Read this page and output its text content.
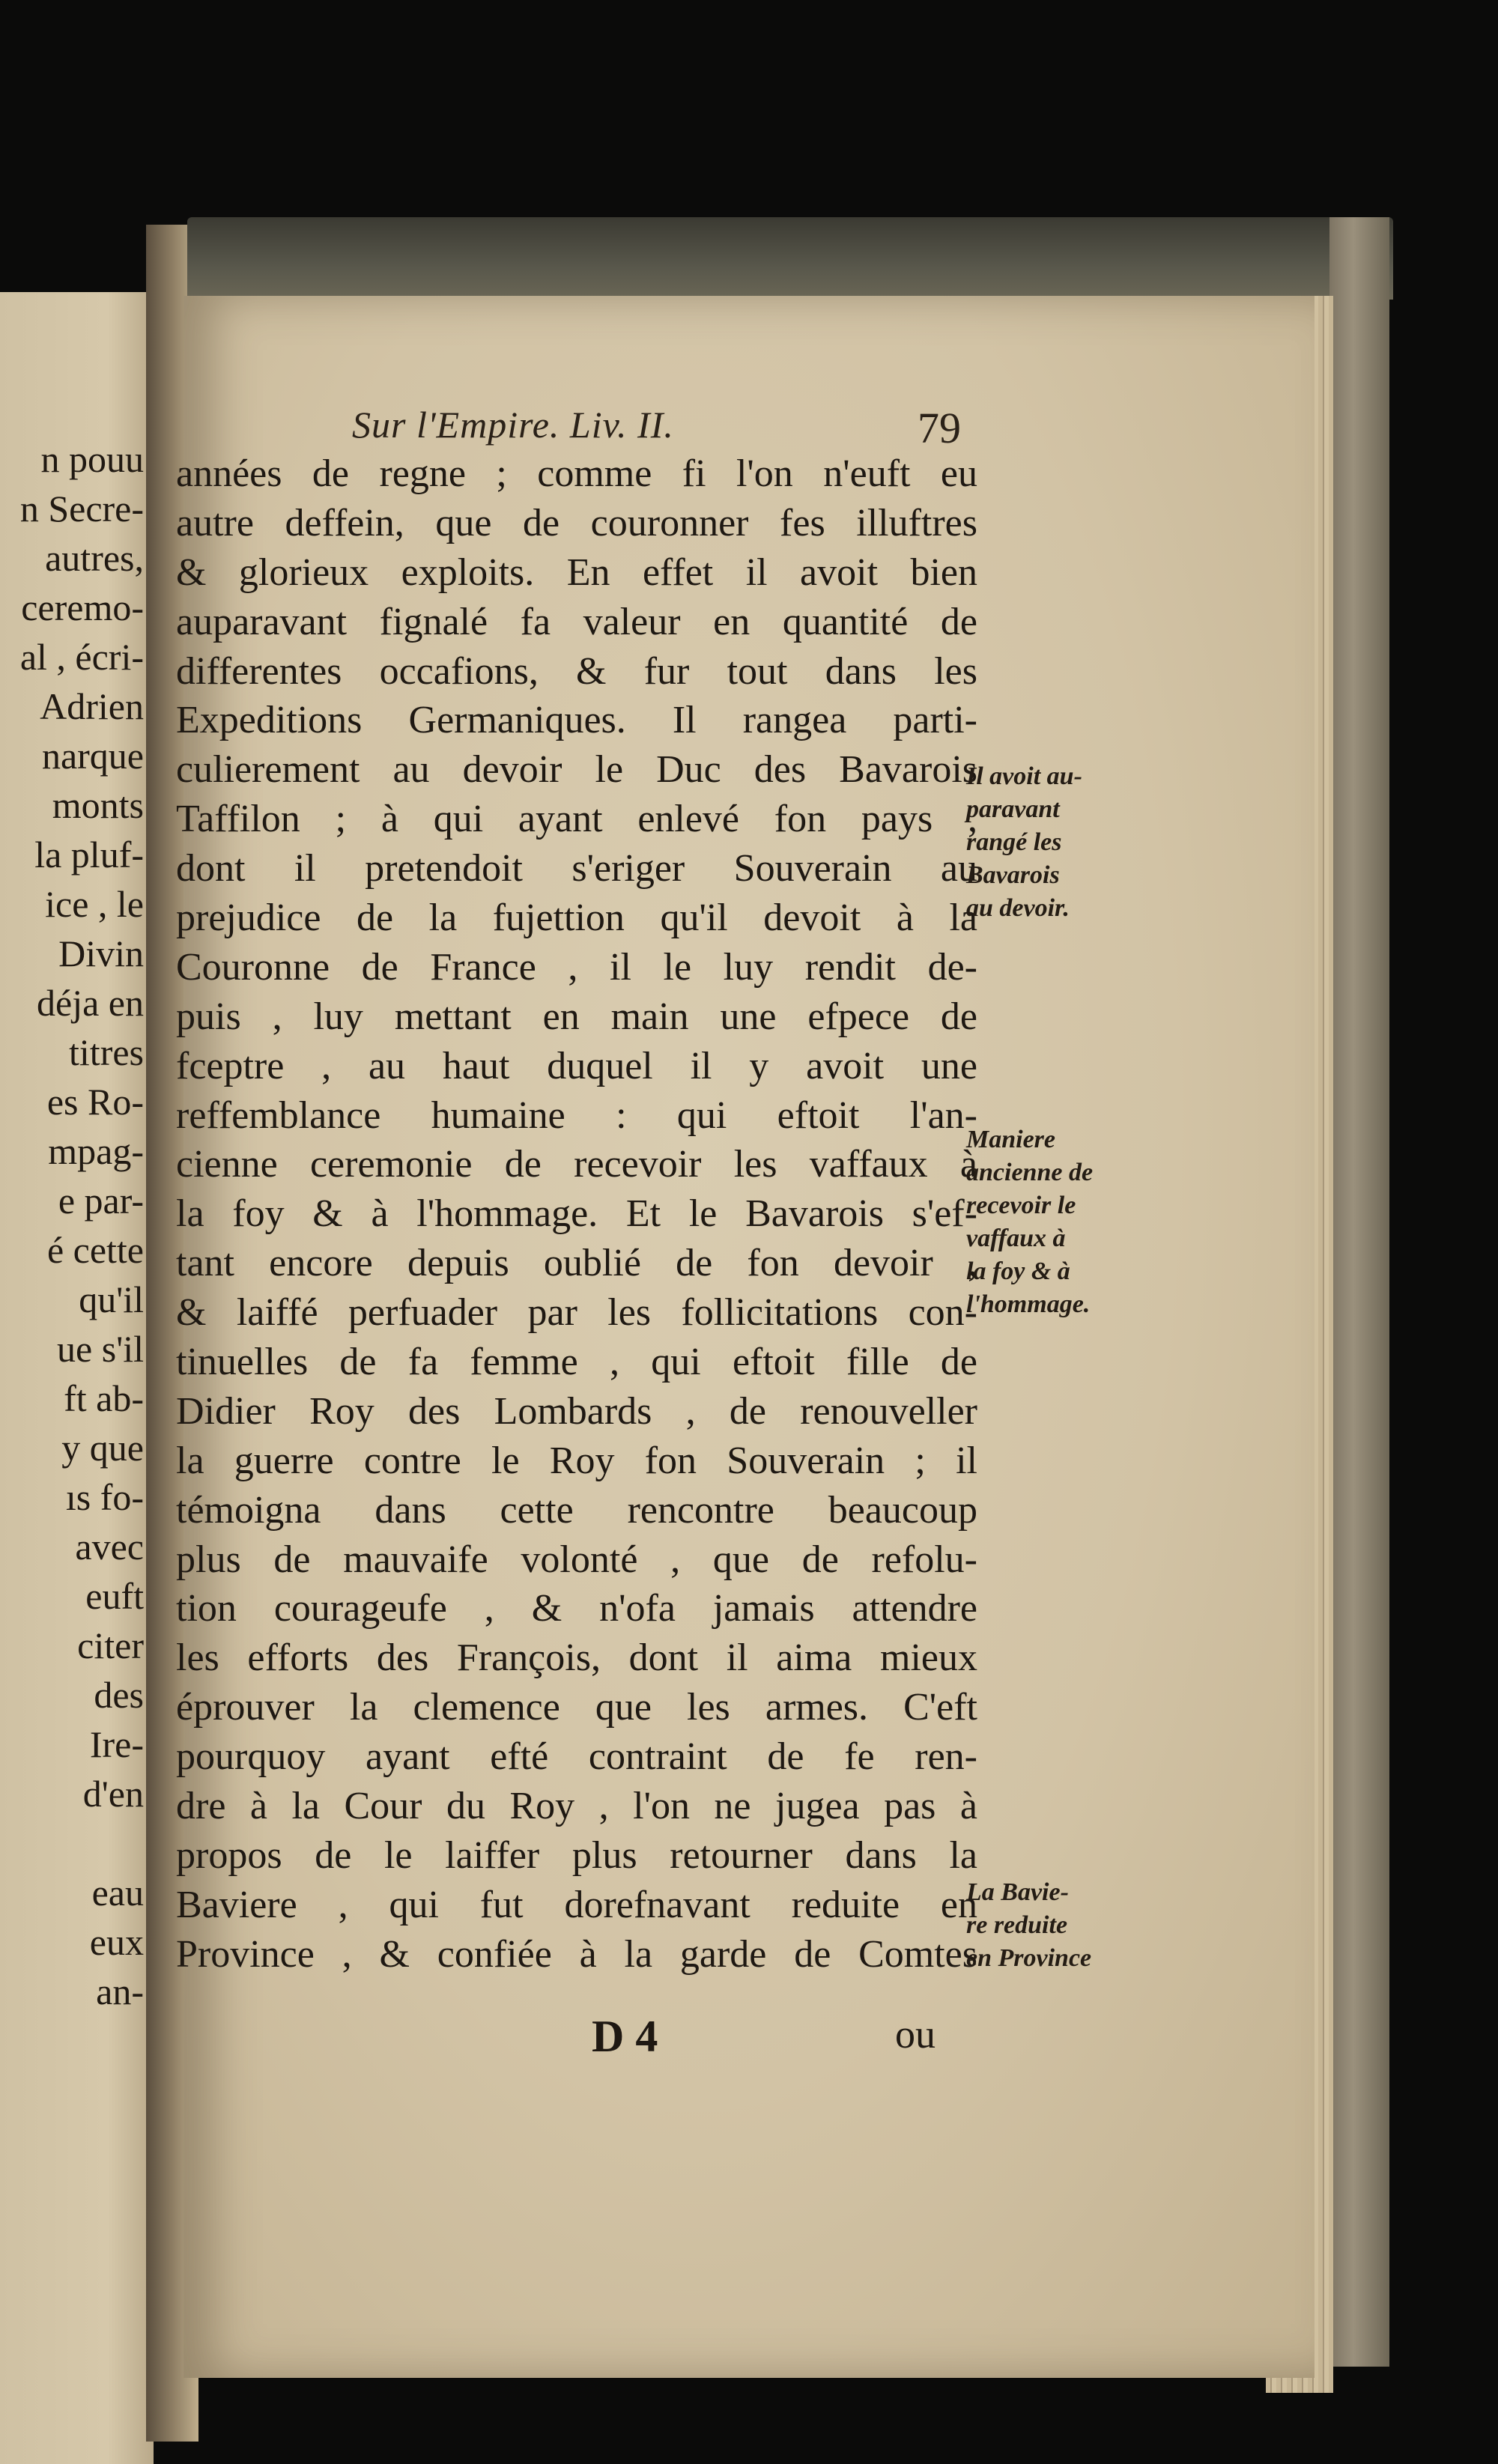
n pouu
n Secre-
autres,
ceremo-
al , écri-
Adrien
narque
monts
la pluf-
ice , le
Divin
déja en
titres
es Ro-
mpag-
e par-
é cette
qu'il
ue s'il
ft ab-
y que
ıs fo-
avec
euft
citer
des
Ire-
d'en
eau
eux
an-
Sur l'Empire. Liv. II.	79
années de regne ; comme fi l'on n'euft eu
autre deffein, que de couronner fes illuftres
& glorieux exploits. En effet il avoit bien
auparavant fignalé fa valeur en quantité de
differentes occafions, & fur tout dans les
Expeditions Germaniques. Il rangea parti-
culierement au devoir le Duc des Bavarois
Taffilon ; à qui ayant enlevé fon pays ,
dont il pretendoit s'eriger Souverain au
prejudice de la fujettion qu'il devoit à la
Couronne de France , il le luy rendit de-
puis , luy mettant en main une efpece de
fceptre , au haut duquel il y avoit une
reffemblance humaine : qui eftoit l'an-
cienne ceremonie de recevoir les vaffaux à
la foy & à l'hommage. Et le Bavarois s'ef-
tant encore depuis oublié de fon devoir ,
& laiffé perfuader par les follicitations con-
tinuelles de fa femme , qui eftoit fille de
Didier Roy des Lombards , de renouveller
la guerre contre le Roy fon Souverain ; il
témoigna dans cette rencontre beaucoup
plus de mauvaife volonté , que de refolu-
tion courageufe , & n'ofa jamais attendre
les efforts des François, dont il aima mieux
éprouver la clemence que les armes. C'eft
pourquoy ayant efté contraint de fe ren-
dre à la Cour du Roy , l'on ne jugea pas à
propos de le laiffer plus retourner dans la
Baviere , qui fut dorefnavant reduite en
Province , & confiée à la garde de Comtes
Il avoit au-
paravant
rangé les
Bavarois
au devoir.
Maniere
ancienne de
recevoir le
vaffaux à
la foy & à
l'hommage.
La Bavie-
re reduite
en Province
D 4	ou
